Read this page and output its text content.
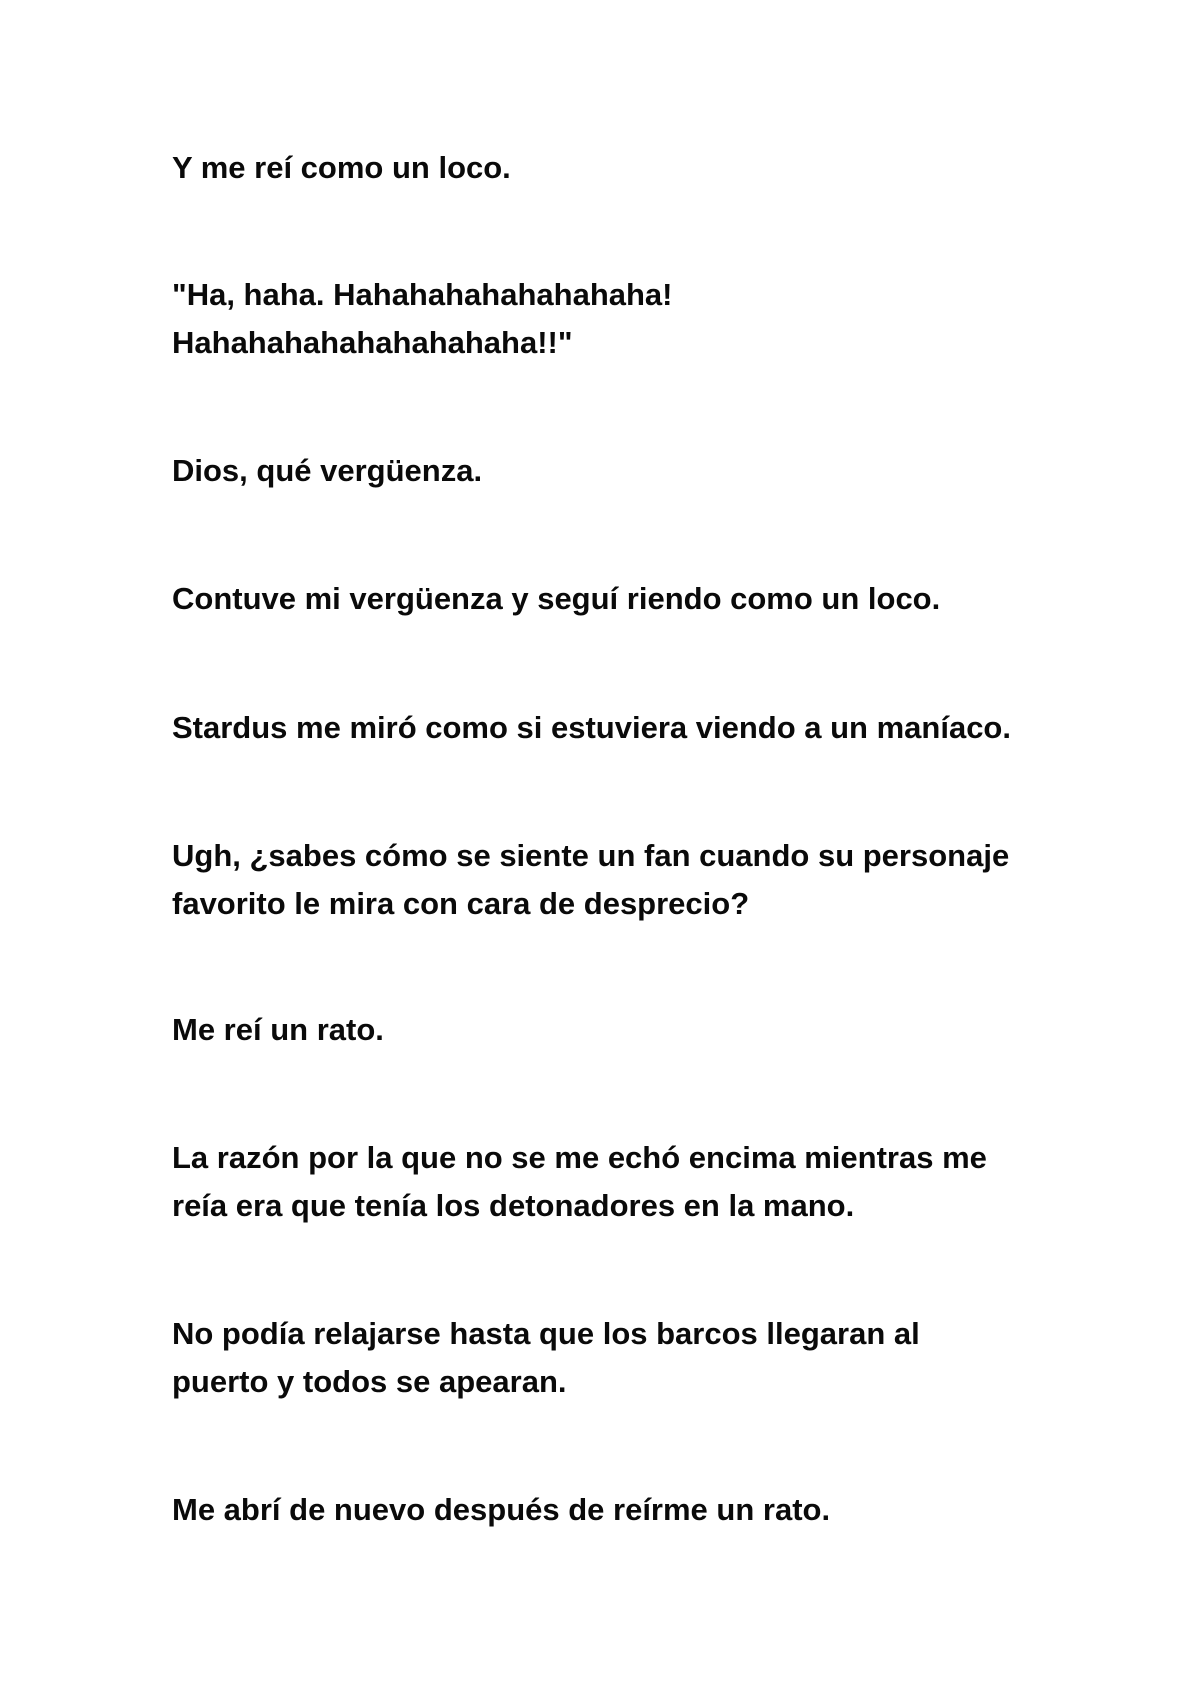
Y me reí como un loco.

"Ha, haha. Hahahahahahahahaha!
Hahahahahahahahahaha!!"

Dios, qué vergüenza.

Contuve mi vergüenza y seguí riendo como un loco.

Stardus me miró como si estuviera viendo a un maníaco.

Ugh, ¿sabes cómo se siente un fan cuando su personaje
favorito le mira con cara de desprecio?

Me reí un rato.

La razón por la que no se me echó encima mientras me
reía era que tenía los detonadores en la mano.

No podía relajarse hasta que los barcos llegaran al
puerto y todos se apearan.

Me abrí de nuevo después de reírme un rato.
